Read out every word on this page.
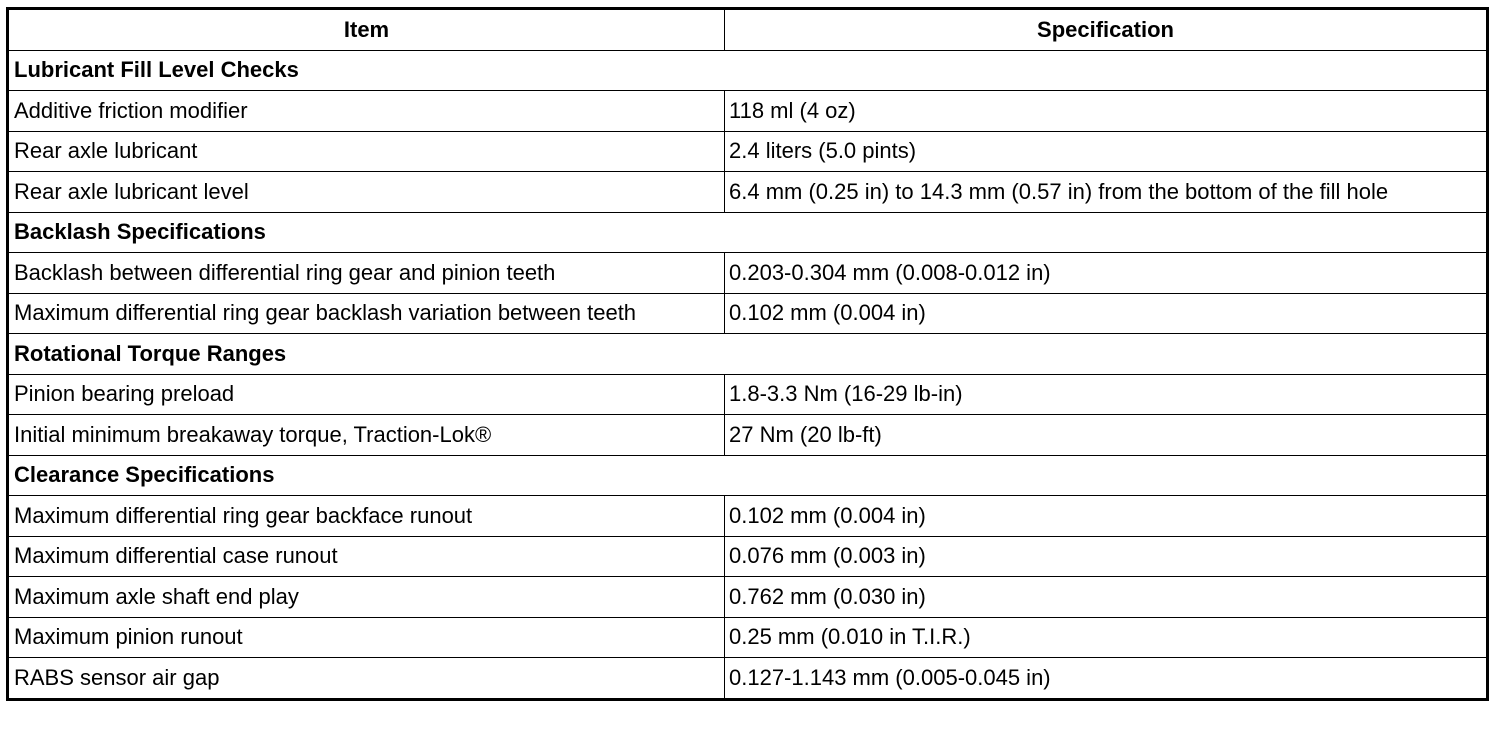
Item	Specification
Lubricant Fill Level Checks	
Additive friction modifier	118 ml (4 oz)
Rear axle lubricant	2.4 liters (5.0 pints)
Rear axle lubricant level	6.4 mm (0.25 in) to 14.3 mm (0.57 in) from the bottom of the fill hole
Backlash Specifications	
Backlash between differential ring gear and pinion teeth	0.203-0.304 mm (0.008-0.012 in)
Maximum differential ring gear backlash variation between teeth	0.102 mm (0.004 in)
Rotational Torque Ranges	
Pinion bearing preload	1.8-3.3 Nm (16-29 lb-in)
Initial minimum breakaway torque, Traction-Lok®	27 Nm (20 lb-ft)
Clearance Specifications	
Maximum differential ring gear backface runout	0.102 mm (0.004 in)
Maximum differential case runout	0.076 mm (0.003 in)
Maximum axle shaft end play	0.762 mm (0.030 in)
Maximum pinion runout	0.25 mm (0.010 in T.I.R.)
RABS sensor air gap	0.127-1.143 mm (0.005-0.045 in)
